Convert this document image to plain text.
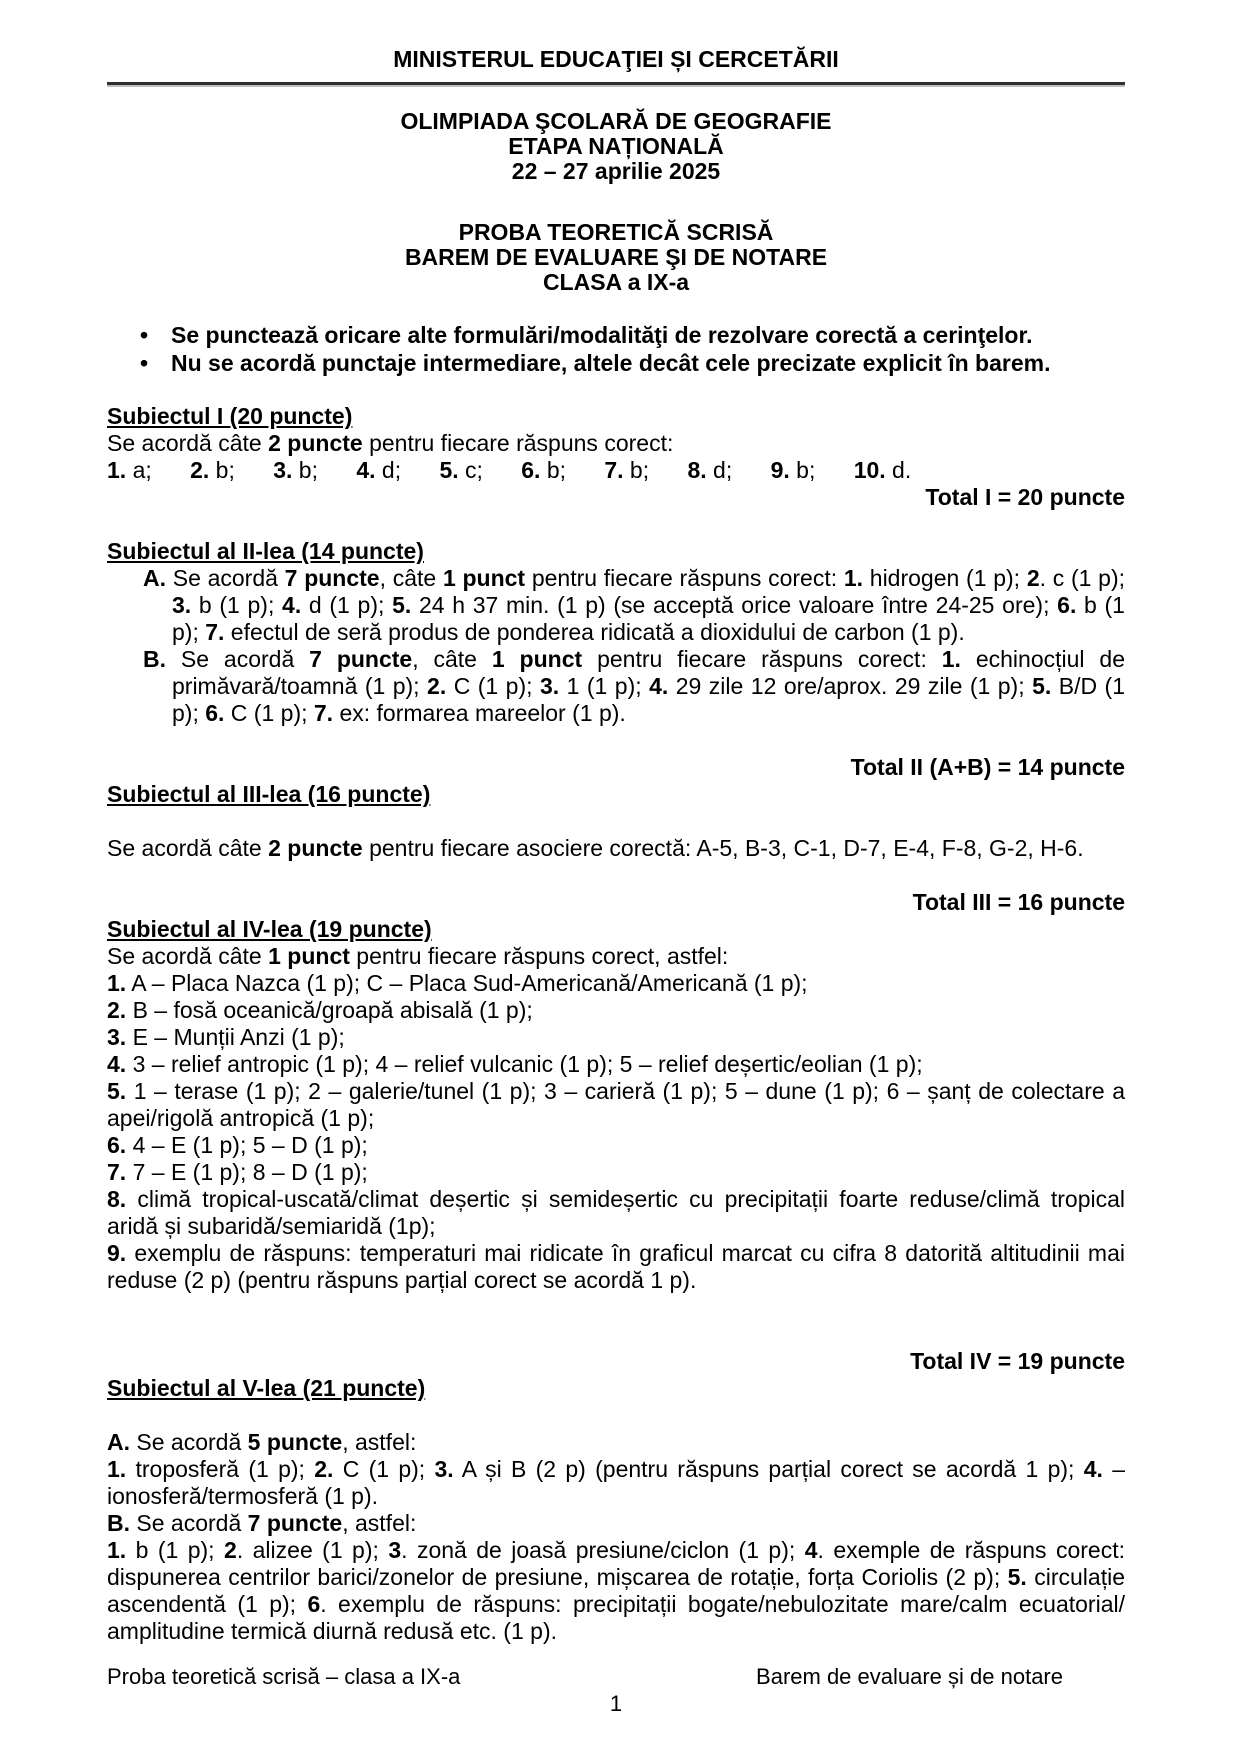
MINISTERUL EDUCAŢIEI ȘI CERCETĂRII
OLIMPIADA ŞCOLARĂ DE GEOGRAFIE
ETAPA NAȚIONALĂ
22 – 27 aprilie 2025
PROBA TEORETICĂ SCRISĂ
BAREM DE EVALUARE ŞI DE NOTARE
CLASA a IX-a
• Se punctează oricare alte formulări/modalităţi de rezolvare corectă a cerinţelor.
• Nu se acordă punctaje intermediare, altele decât cele precizate explicit în barem.
Subiectul I (20 puncte)
Se acordă câte 2 puncte pentru fiecare răspuns corect:
1. a;      2. b;      3. b;      4. d;      5. c;      6. b;      7. b;      8. d;      9. b;      10. d.
Total I = 20 puncte
Subiectul al II-lea (14 puncte)
A. Se acordă 7 puncte, câte 1 punct pentru fiecare răspuns corect: 1. hidrogen (1 p); 2. c (1 p); 3. b (1 p); 4. d (1 p); 5. 24 h 37 min. (1 p) (se acceptă orice valoare între 24-25 ore); 6. b (1 p); 7. efectul de seră produs de ponderea ridicată a dioxidului de carbon (1 p).
B. Se acordă 7 puncte, câte 1 punct pentru fiecare răspuns corect: 1. echinocțiul de primăvară/toamnă (1 p); 2. C (1 p); 3. 1 (1 p); 4. 29 zile 12 ore/aprox. 29 zile (1 p); 5. B/D (1 p); 6. C (1 p); 7. ex: formarea mareelor (1 p).
Total II (A+B) = 14 puncte
Subiectul al III-lea (16 puncte)
Se acordă câte 2 puncte pentru fiecare asociere corectă: A-5, B-3, C-1, D-7, E-4, F-8, G-2, H-6.
Total III = 16 puncte
Subiectul al IV-lea (19 puncte)
Se acordă câte 1 punct pentru fiecare răspuns corect, astfel:
1. A – Placa Nazca (1 p); C – Placa Sud-Americană/Americană (1 p);
2. B – fosă oceanică/groapă abisală (1 p);
3. E – Munții Anzi (1 p);
4. 3 – relief antropic (1 p); 4 – relief vulcanic (1 p); 5 – relief deșertic/eolian (1 p);
5. 1 – terase (1 p); 2 – galerie/tunel (1 p); 3 – carieră (1 p); 5 – dune (1 p); 6 – șanț de colectare a apei/rigolă antropică (1 p);
6. 4 – E (1 p); 5 – D (1 p);
7. 7 – E (1 p); 8 – D (1 p);
8. climă tropical-uscată/climat deșertic și semideșertic cu precipitații foarte reduse/climă tropical aridă și subaridă/semiaridă (1p);
9. exemplu de răspuns: temperaturi mai ridicate în graficul marcat cu cifra 8 datorită altitudinii mai reduse (2 p) (pentru răspuns parțial corect se acordă 1 p).
Total IV = 19 puncte
Subiectul al V-lea (21 puncte)
A. Se acordă 5 puncte, astfel:
1. troposferă (1 p); 2. C (1 p); 3. A și B (2 p) (pentru răspuns parțial corect se acordă 1 p); 4. – ionosferă/termosferă (1 p).
B. Se acordă 7 puncte, astfel:
1. b (1 p); 2. alizee (1 p); 3. zonă de joasă presiune/ciclon (1 p); 4. exemple de răspuns corect: dispunerea centrilor barici/zonelor de presiune, mișcarea de rotație, forța Coriolis (2 p); 5. circulație ascendentă (1 p); 6. exemplu de răspuns: precipitații bogate/nebulozitate mare/calm ecuatorial/ amplitudine termică diurnă redusă etc. (1 p).
Proba teoretică scrisă – clasa a IX-a	Barem de evaluare și de notare
1
